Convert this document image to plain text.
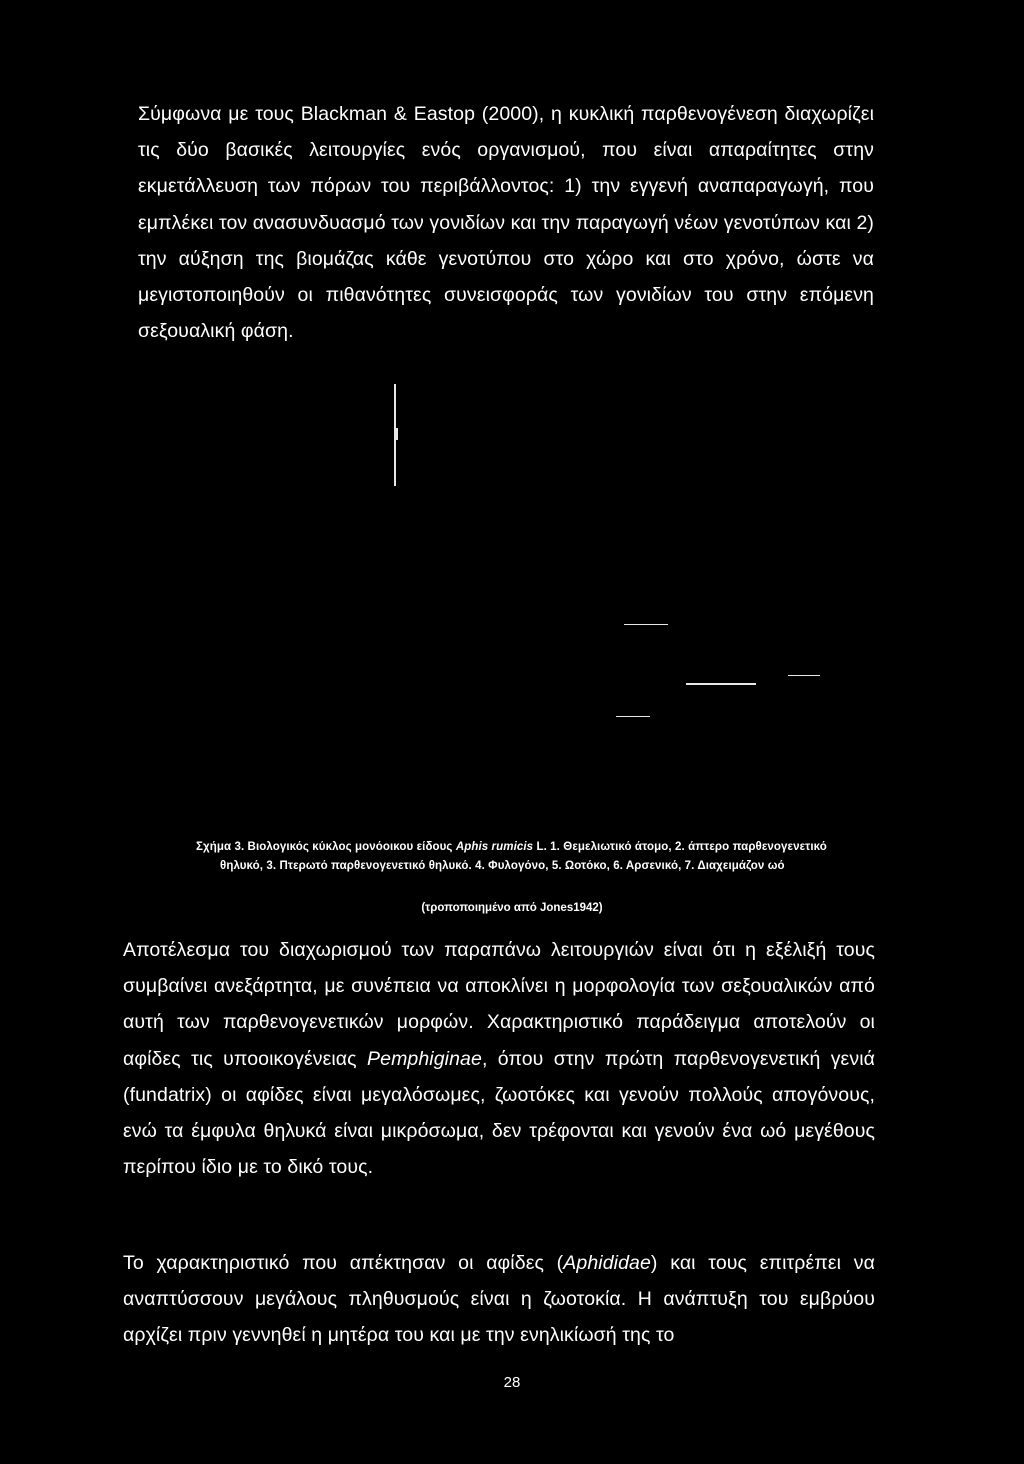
Σύμφωνα με τους Blackman & Eastop (2000), η κυκλική παρθενογένεση διαχωρίζει τις δύο βασικές λειτουργίες ενός οργανισμού, που είναι απαραίτητες στην εκμετάλλευση των πόρων του περιβάλλοντος: 1) την εγγενή αναπαραγωγή, που εμπλέκει τον ανασυνδυασμό των γονιδίων και την παραγωγή νέων γενοτύπων και 2) την αύξηση της βιομάζας κάθε γενοτύπου στο χώρο και στο χρόνο, ώστε να μεγιστοποιηθούν οι πιθανότητες συνεισφοράς των γονιδίων του στην επόμενη σεξουαλική φάση.

Σχήμα 3. Βιολογικός κύκλος μονόοικου είδους Aphis rumicis L. 1. Θεμελιωτικό άτομο, 2. άπτερο παρθενογενετικό
θηλυκό, 3. Πτερωτό παρθενογενετικό θηλυκό. 4. Φυλογόνο, 5. Ωοτόκο, 6. Αρσενικό, 7. Διαχειμάζον ωό
(τροποποιημένο από Jones1942)

Αποτέλεσμα του διαχωρισμού των παραπάνω λειτουργιών είναι ότι η εξέλιξή τους συμβαίνει ανεξάρτητα, με συνέπεια να αποκλίνει η μορφολογία των σεξουαλικών από αυτή των παρθενογενετικών μορφών. Χαρακτηριστικό παράδειγμα αποτελούν οι αφίδες τις υποοικογένειας Pemphiginae, όπου στην πρώτη παρθενογενετική γενιά (fundatrix) οι αφίδες είναι μεγαλόσωμες, ζωοτόκες και γενούν πολλούς απογόνους, ενώ τα έμφυλα θηλυκά είναι μικρόσωμα, δεν τρέφονται και γενούν ένα ωό μεγέθους περίπου ίδιο με το δικό τους.

Το χαρακτηριστικό που απέκτησαν οι αφίδες (Aphididae) και τους επιτρέπει να αναπτύσσουν μεγάλους πληθυσμούς είναι η ζωοτοκία. Η ανάπτυξη του εμβρύου αρχίζει πριν γεννηθεί η μητέρα του και με την ενηλικίωσή της το

28
